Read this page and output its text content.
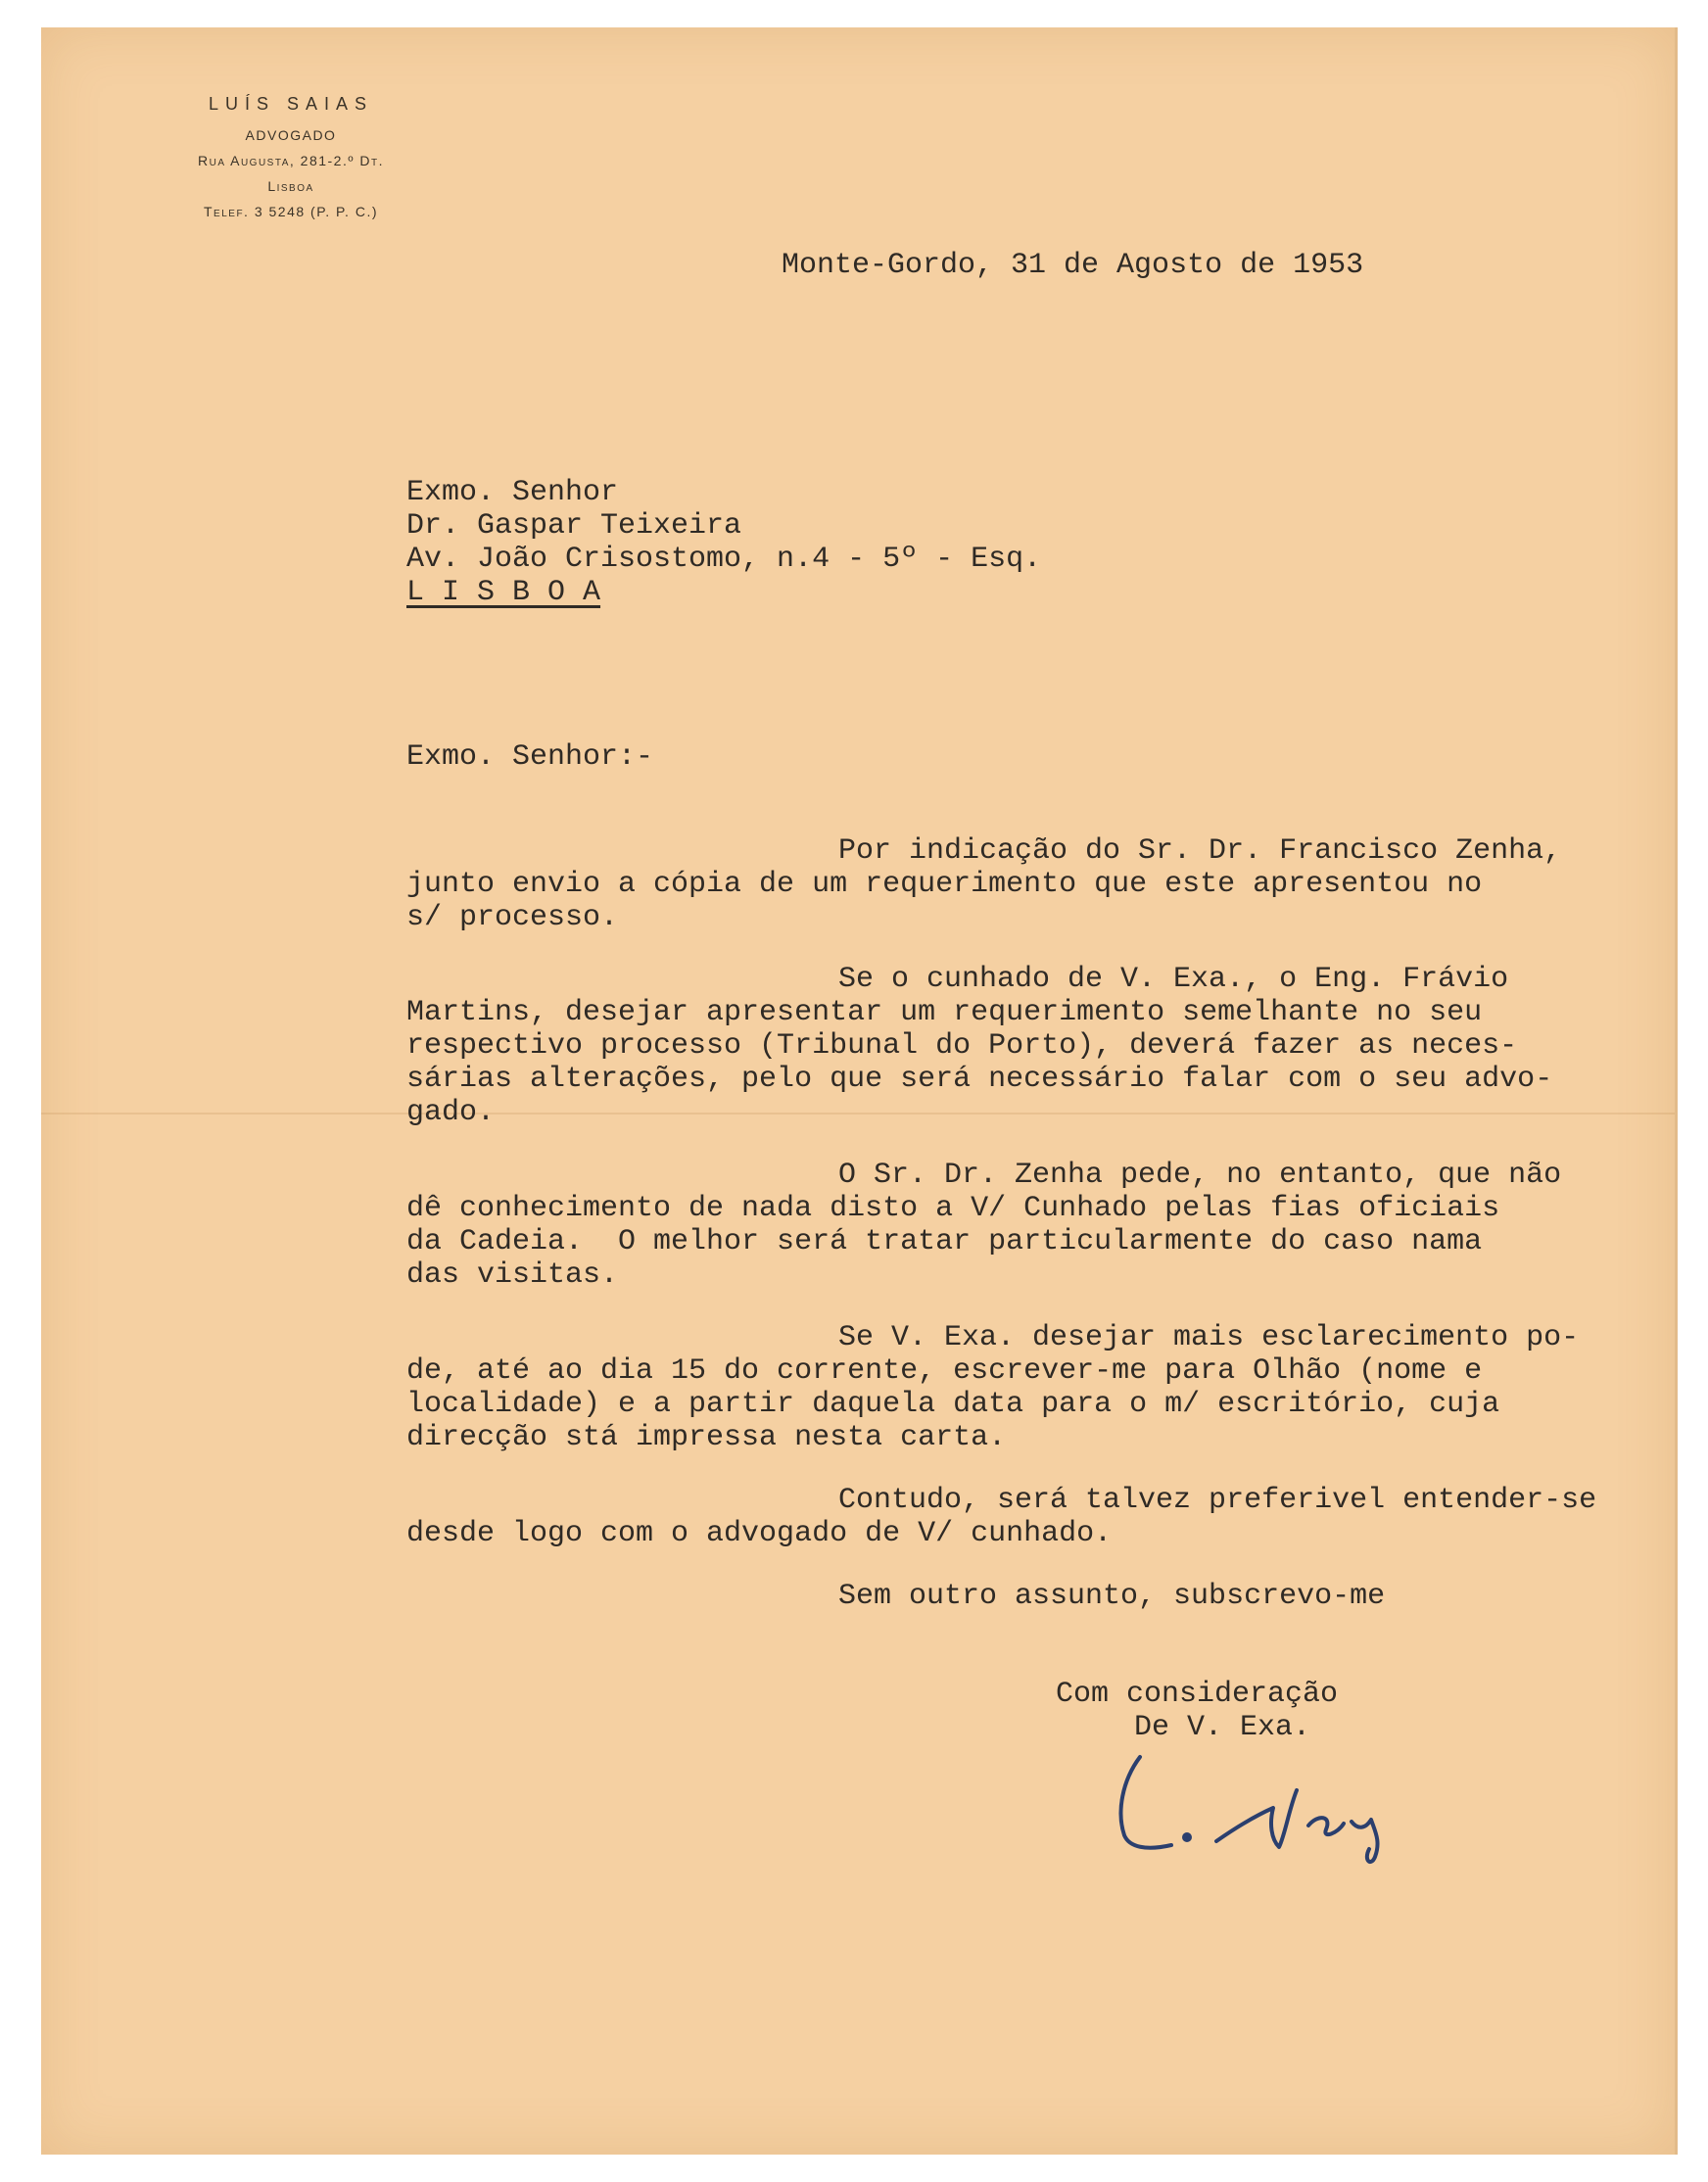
LUÍS SAIAS
ADVOGADO
Rua Augusta, 281-2.º Dt.
Lisboa
Telef. 3 5248 (P. P. C.)
Monte-Gordo, 31 de Agosto de 1953
Exmo. Senhor
Dr. Gaspar Teixeira
Av. João Crisostomo, n.4 - 5º - Esq.
L I S B O A
Exmo. Senhor:-
Por indicação do Sr. Dr. Francisco Zenha,
junto envio a cópia de um requerimento que este apresentou no
s/ processo.
Se o cunhado de V. Exa., o Eng. Frávio
Martins, desejar apresentar um requerimento semelhante no seu
respectivo processo (Tribunal do Porto), deverá fazer as neces-
sárias alterações, pelo que será necessário falar com o seu advo-
gado.
O Sr. Dr. Zenha pede, no entanto, que não
dê conhecimento de nada disto a V/ Cunhado pelas fias oficiais
da Cadeia.  O melhor será tratar particularmente do caso nama
das visitas.
Se V. Exa. desejar mais esclarecimento po-
de, até ao dia 15 do corrente, escrever-me para Olhão (nome e
localidade) e a partir daquela data para o m/ escritório, cuja
direcção stá impressa nesta carta.
Contudo, será talvez preferivel entender-se
desde logo com o advogado de V/ cunhado.
Sem outro assunto, subscrevo-me
Com consideração
De V. Exa.
